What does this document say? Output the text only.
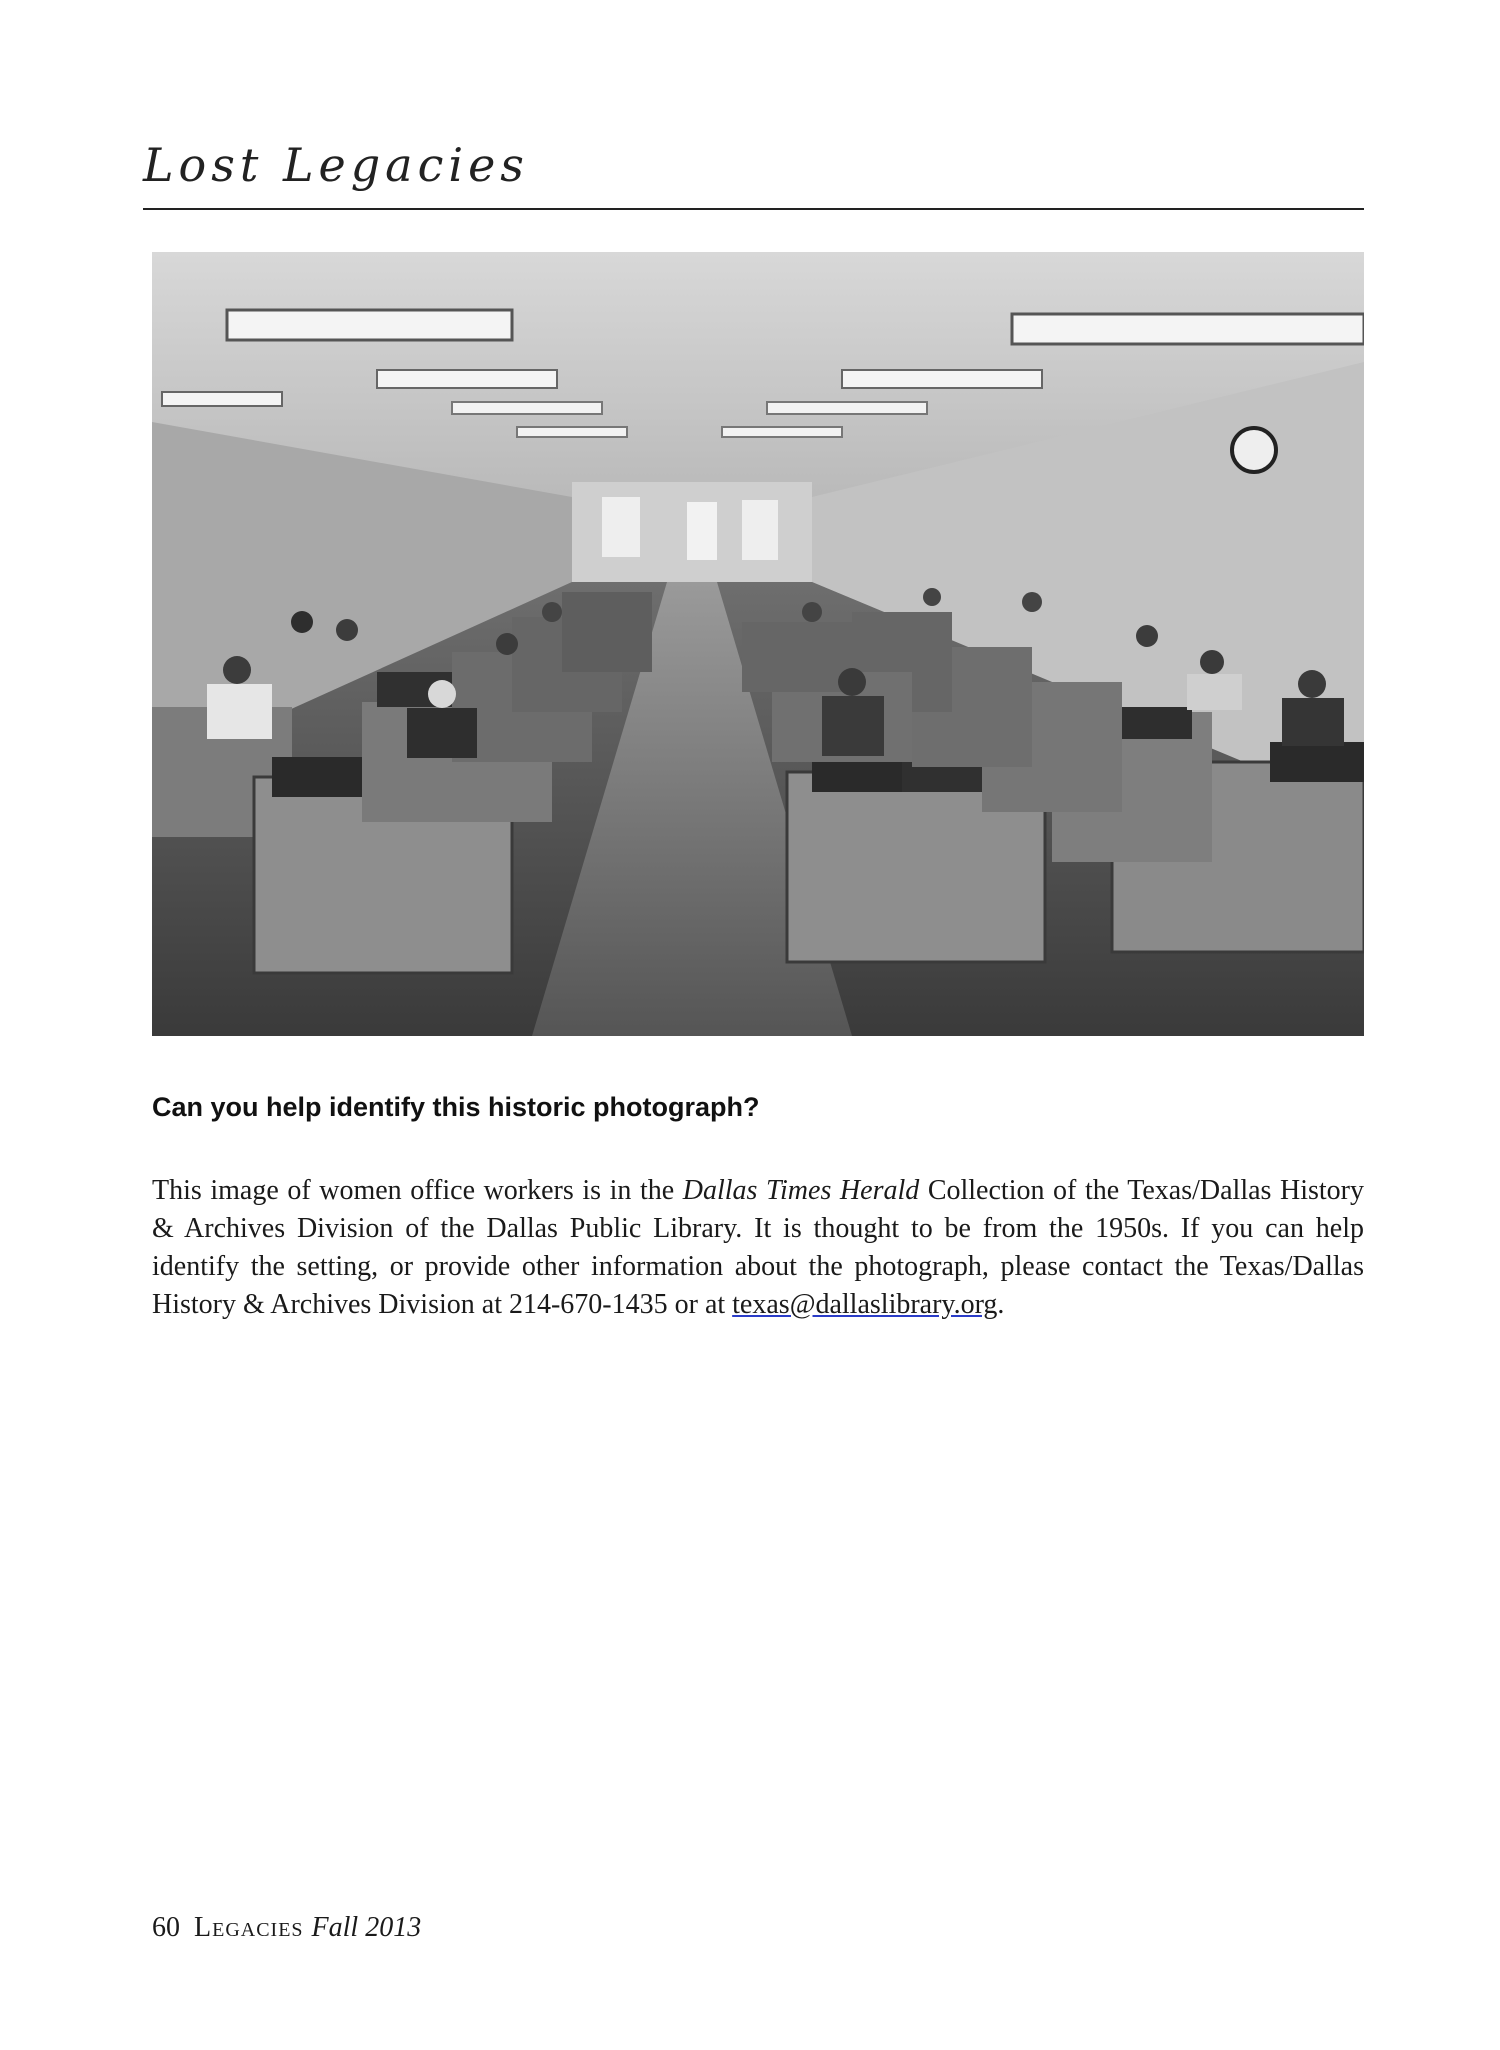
Lost Legacies
Can you help identify this historic photograph?

This image of women office workers is in the Dallas Times Herald Collection of the Texas/Dallas History & Archives Division of the Dallas Public Library. It is thought to be from the 1950s. If you can help identify the setting, or provide other information about the photograph, please contact the Texas/Dallas History & Archives Division at 214-670-1435 or at texas@dallaslibrary.org.

60 Legacies Fall 2013
